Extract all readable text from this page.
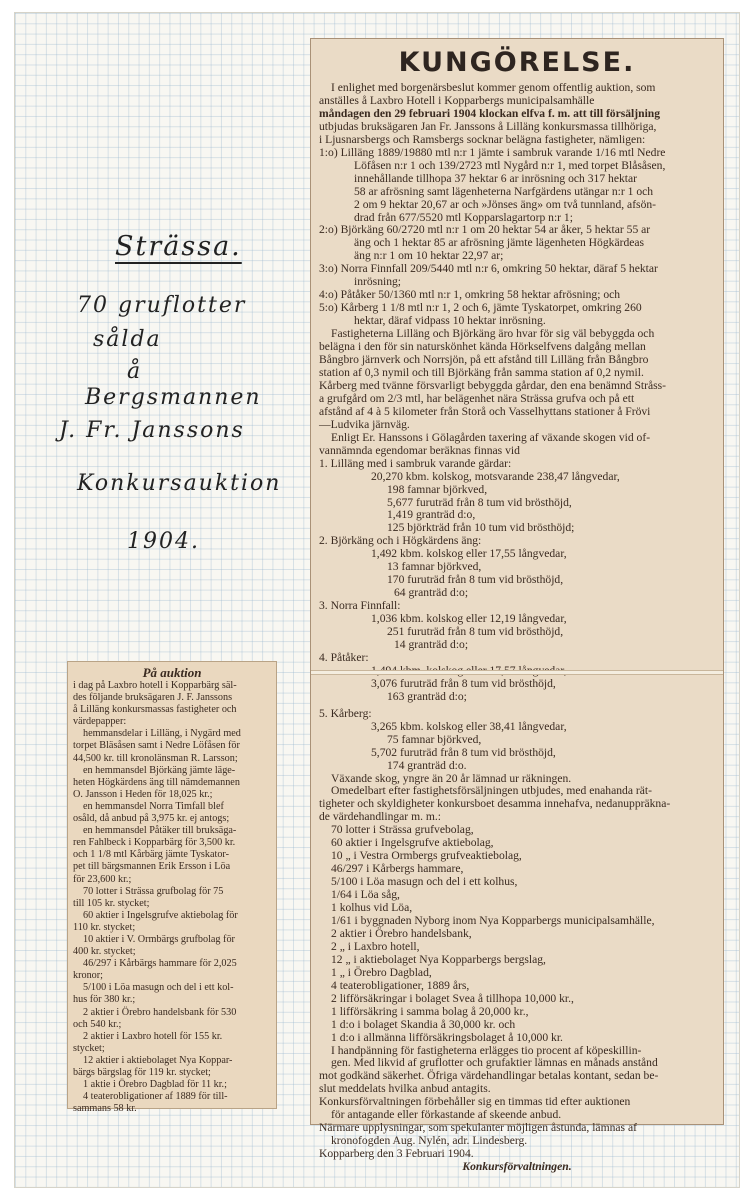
Strässa.
70 gruflotter
sålda
å
Bergsmannen
J. Fr. Janssons
Konkursauktion
1904.
På auktion
i dag på Laxbro hotell i Kopparbärg säl-
des följande bruksägaren J. F. Janssons
å Lilläng konkursmassas fastigheter och
värdepapper:
hemmansdelar i Lilläng, i Nygärd med
torpet Bläsåsen samt i Nedre Löfåsen för
44,500 kr. till kronolänsman R. Larsson;
en hemmansdel Björkäng jämte läge-
heten Högkärdens äng till nämdemannen
O. Jansson i Heden för 18,025 kr.;
en hemmansdel Norra Timfall blef
osåld, då anbud på 3,975 kr. ej antogs;
en hemmansdel Påtäker till bruksäga-
ren Fahlbeck i Kopparbärg för 3,500 kr.
och 1 1/8 mtl Kårbärg jämte Tyskator-
pet till bärgsmannen Erik Ersson i Löa
för 23,600 kr.;
70 lotter i Strässa grufbolag för 75
till 105 kr. stycket;
60 aktier i Ingelsgrufve aktiebolag för
110 kr. stycket;
10 aktier i V. Ormbärgs grufbolag för
400 kr. stycket;
46/297 i Kårbärgs hammare för 2,025
kronor;
5/100 i Löa masugn och del i ett kol-
hus för 380 kr.;
2 aktier i Örebro handelsbank för 530
och 540 kr.;
2 aktier i Laxbro hotell för 155 kr.
stycket;
12 aktier i aktiebolaget Nya Koppar-
bärgs bärgslag för 119 kr. stycket;
1 aktie i Örebro Dagblad för 11 kr.;
4 teaterobligationer af 1889 för till-
sammans 58 kr.
KUNGÖRELSE.
I enlighet med borgenärsbeslut kommer genom offentlig auktion, som
anställes å Laxbro Hotell i Kopparbergs municipalsamhälle
måndagen den 29 februari 1904 klockan elfva f. m. att till försäljning
utbjudas bruksägaren Jan Fr. Janssons å Lilläng konkursmassa tillhöriga,
i Ljusnarsbergs och Ramsbergs socknar belägna fastigheter, nämligen:
1:o) Lilläng 1889/19880 mtl n:r 1 jämte i sambruk varande 1/16 mtl Nedre
Löfåsen n:r 1 och 139/2723 mtl Nygård n:r 1, med torpet Blåsåsen,
innehållande tillhopa 37 hektar 6 ar inrösning och 317 hektar
58 ar afrösning samt lägenheterna Narfgärdens utängar n:r 1 och
2 om 9 hektar 20,67 ar och »Jönses äng» om två tunnland, afsön-
drad från 677/5520 mtl Kopparslagartorp n:r 1;
2:o) Björkäng 60/2720 mtl n:r 1 om 20 hektar 54 ar åker, 5 hektar 55 ar
äng och 1 hektar 85 ar afrösning jämte lägenheten Högkärdeas
äng n:r 1 om 10 hektar 22,97 ar;
3:o) Norra Finnfall 209/5440 mtl n:r 6, omkring 50 hektar, däraf 5 hektar
inrösning;
4:o) Påtåker 50/1360 mtl n:r 1, omkring 58 hektar afrösning; och
5:o) Kårberg 1 1/8 mtl n:r 1, 2 och 6, jämte Tyskatorpet, omkring 260
hektar, däraf vidpass 10 hektar inrösning.
Fastigheterna Lilläng och Björkäng äro hvar för sig väl bebyggda och
belägna i den för sin naturskönhet kända Hörkselfvens dalgång mellan
Bångbro järnverk och Norrsjön, på ett afstånd till Lilläng från Bångbro
station af 0,3 nymil och till Björkäng från samma station af 0,2 nymil.
Kårberg med tvänne försvarligt bebyggda gårdar, den ena benämnd Stråss-
a grufgård om 2/3 mtl, har belägenhet nära Strässa grufva och på ett
afstånd af 4 à 5 kilometer från Storå och Vasselhyttans stationer å Frövi
—Ludvika järnväg.
Enligt Er. Hanssons i Gölagården taxering af växande skogen vid of-
vannämnda egendomar beräknas finnas vid
1. Lilläng med i sambruk varande gärdar:
20,270 kbm. kolskog, motsvarande 238,47 långvedar,
198 famnar björkved,
5,677 furuträd från 8 tum vid brösthöjd,
1,419 granträd d:o,
125 björkträd från 10 tum vid brösthöjd;
2. Björkäng och i Högkärdens äng:
1,492 kbm. kolskog eller 17,55 långvedar,
13 famnar björkved,
170 furuträd från 8 tum vid brösthöjd,
64 granträd d:o;
3. Norra Finnfall:
1,036 kbm. kolskog eller 12,19 långvedar,
251 furuträd från 8 tum vid brösthöjd,
14 granträd d:o;
4. Påtåker:
3,076 furuträd från 8 tum vid brösthöjd,
163 granträd d:o;
5. Kårberg:
3,265 kbm. kolskog eller 38,41 långvedar,
75 famnar björkved,
5,702 furuträd från 8 tum vid brösthöjd,
174 granträd d:o.
Växande skog, yngre än 20 år lämnad ur räkningen.
Omedelbart efter fastighetsförsäljningen utbjudes, med enahanda rät-
tigheter och skyldigheter konkursboet desamma innehafva, nedanuppräkna-
de värdehandlingar m. m.:
70 lotter i Strässa grufvebolag,
60 aktier i Ingelsgrufve aktiebolag,
10 „ i Vestra Ormbergs grufveaktiebolag,
46/297 i Kårbergs hammare,
5/100 i Löa masugn och del i ett kolhus,
1/64 i Löa såg,
1 kolhus vid Löa,
1/61 i byggnaden Nyborg inom Nya Kopparbergs municipalsamhälle,
2 aktier i Örebro handelsbank,
2 „ i Laxbro hotell,
12 „ i aktiebolaget Nya Kopparbergs bergslag,
1 „ i Örebro Dagblad,
4 teaterobligationer, 1889 års,
2 lifförsäkringar i bolaget Svea å tillhopa 10,000 kr.,
1 lifförsäkring i samma bolag å 20,000 kr.,
1 d:o i bolaget Skandia å 30,000 kr. och
1 d:o i allmänna lifförsäkringsbolaget å 10,000 kr.
I handpänning för fastigheterna erlägges tio procent af köpeskillin-
gen. Med likvid af gruflotter och grufaktier lämnas en månads anstånd
mot godkänd säkerhet. Öfriga värdehandlingar betalas kontant, sedan be-
slut meddelats hvilka anbud antagits.
Konkursförvaltningen förbehåller sig en timmas tid efter auktionen
för antagande eller förkastande af skeende anbud.
Närmare upplysningar, som spekulanter möjligen åstunda, lämnas af
kronofogden Aug. Nylén, adr. Lindesberg.
Kopparberg den 3 Februari 1904.
Konkursförvaltningen.
